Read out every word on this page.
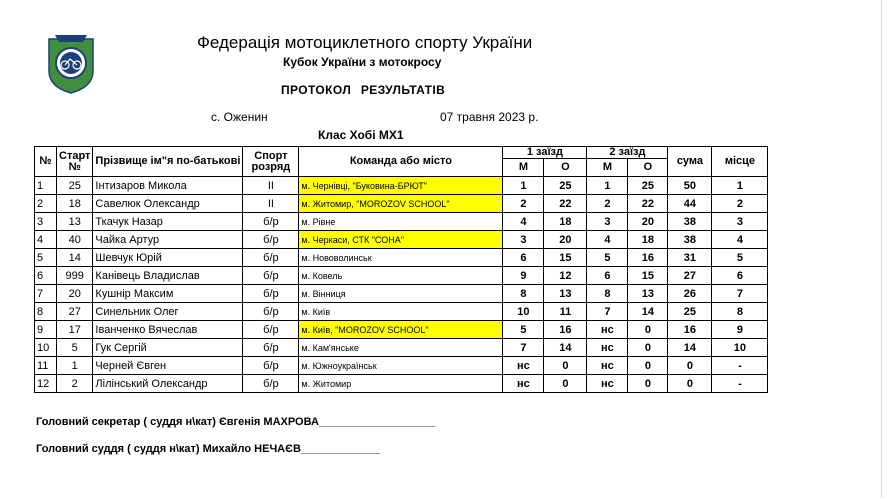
Федерація мотоциклетного спорту України
Кубок України з мотокросу
ПРОТОКОЛ РЕЗУЛЬТАТІВ
с. Оженин	07 травня 2023 р.
Клас Хобі МХ1
№	Старт №	Прізвище ім"я по-батькові	Спорт розряд	Команда або місто	1 заїзд		2 заїзд		сума	місце
					М	О	М	О		
1	25	Інтизаров Микола	ІІ	м. Чернівці, "Буковина-БРЮТ"	1	25	1	25	50	1
2	18	Савелюк Олександр	ІІ	м. Житомир, "MOROZOV SCHOOL"	2	22	2	22	44	2
3	13	Ткачук Назар	б/р	м. Рівне	4	18	3	20	38	3
4	40	Чайка Артур	б/р	м. Черкаси, СТК "СОНА"	3	20	4	18	38	4
5	14	Шевчук Юрій	б/р	м. Нововолинськ	6	15	5	16	31	5
6	999	Канівець Владислав	б/р	м. Ковель	9	12	6	15	27	6
7	20	Кушнір Максим	б/р	м. Вінниця	8	13	8	13	26	7
8	27	Синельник Олег	б/р	м. Київ	10	11	7	14	25	8
9	17	Іванченко Вячеслав	б/р	м. Київ, "MOROZOV SCHOOL"	5	16	нс	0	16	9
10	5	Гук Сергій	б/р	м. Кам'янське	7	14	нс	0	14	10
11	1	Черней Євген	б/р	м. Южноукраїнськ	нс	0	нс	0	0	-
12	2	Лілінський Олександр	б/р	м. Житомир	нс	0	нс	0	0	-
Головний секретар ( суддя н\кат) Євгенія МАХРОВА___________________
Головний суддя ( суддя н\кат) Михайло НЕЧАЄВ_____________
